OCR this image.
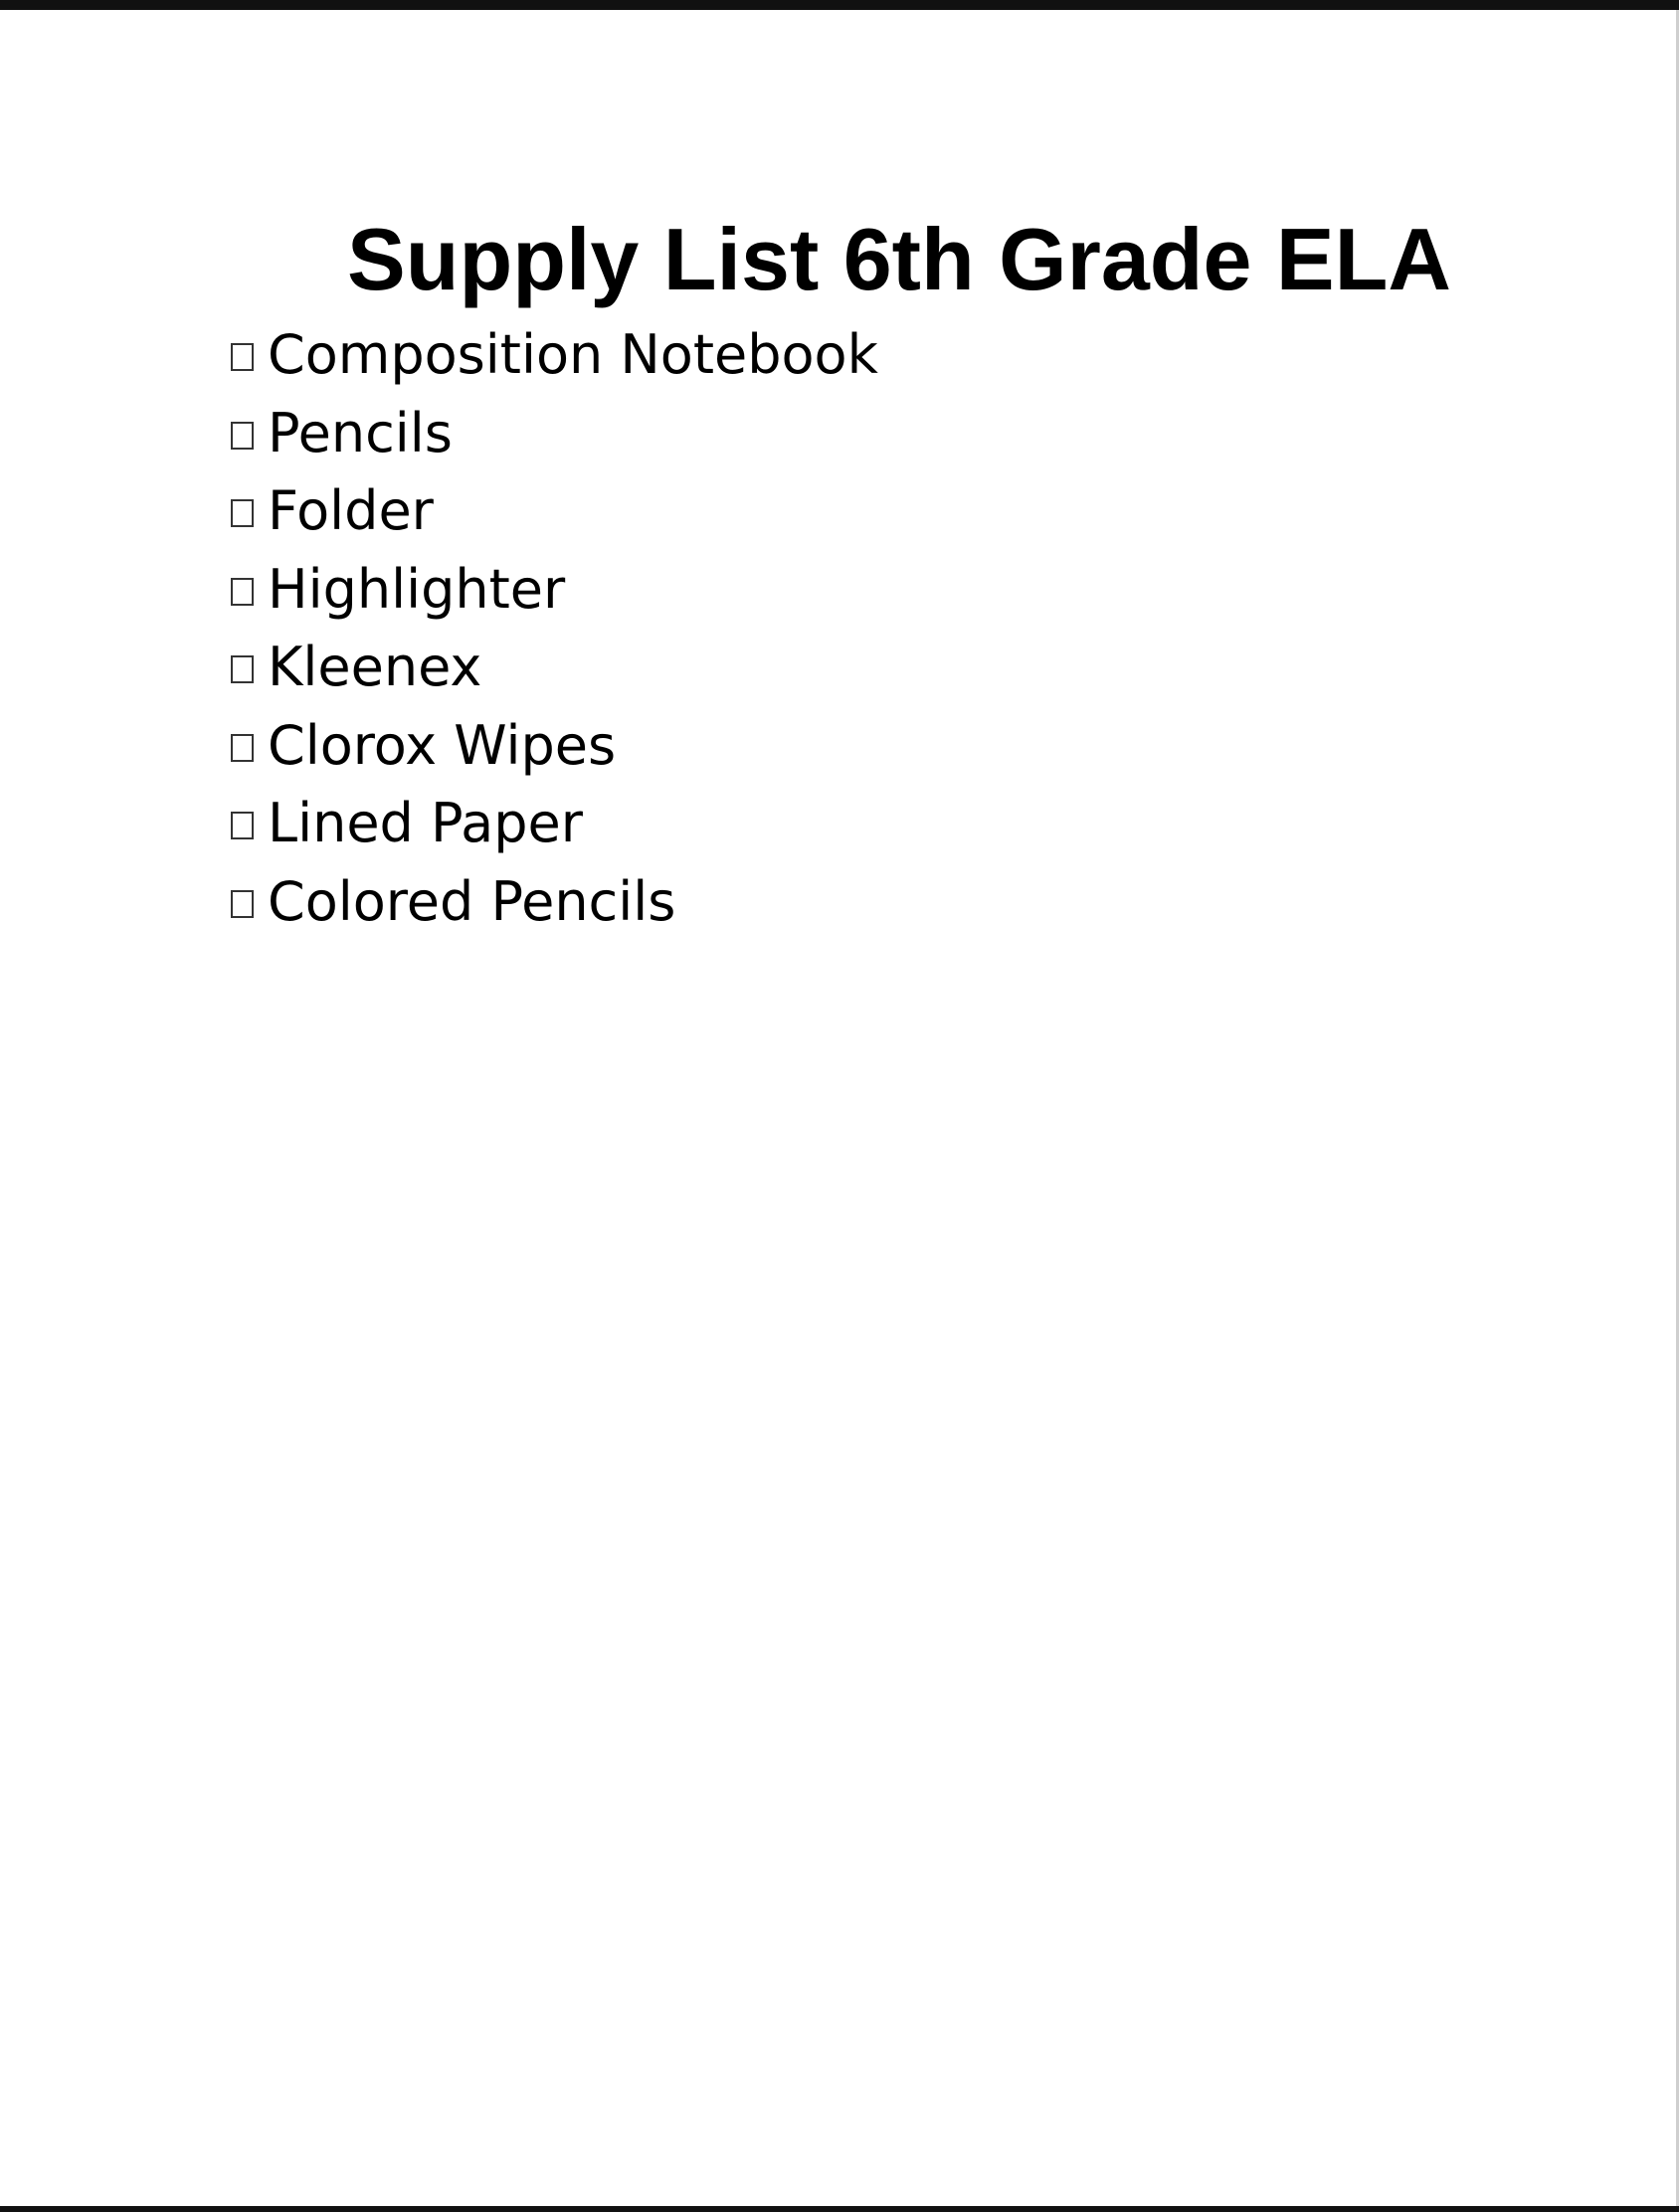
Supply List 6th Grade ELA
Composition Notebook
Pencils
Folder
Highlighter
Kleenex
Clorox Wipes
Lined Paper
Colored Pencils
